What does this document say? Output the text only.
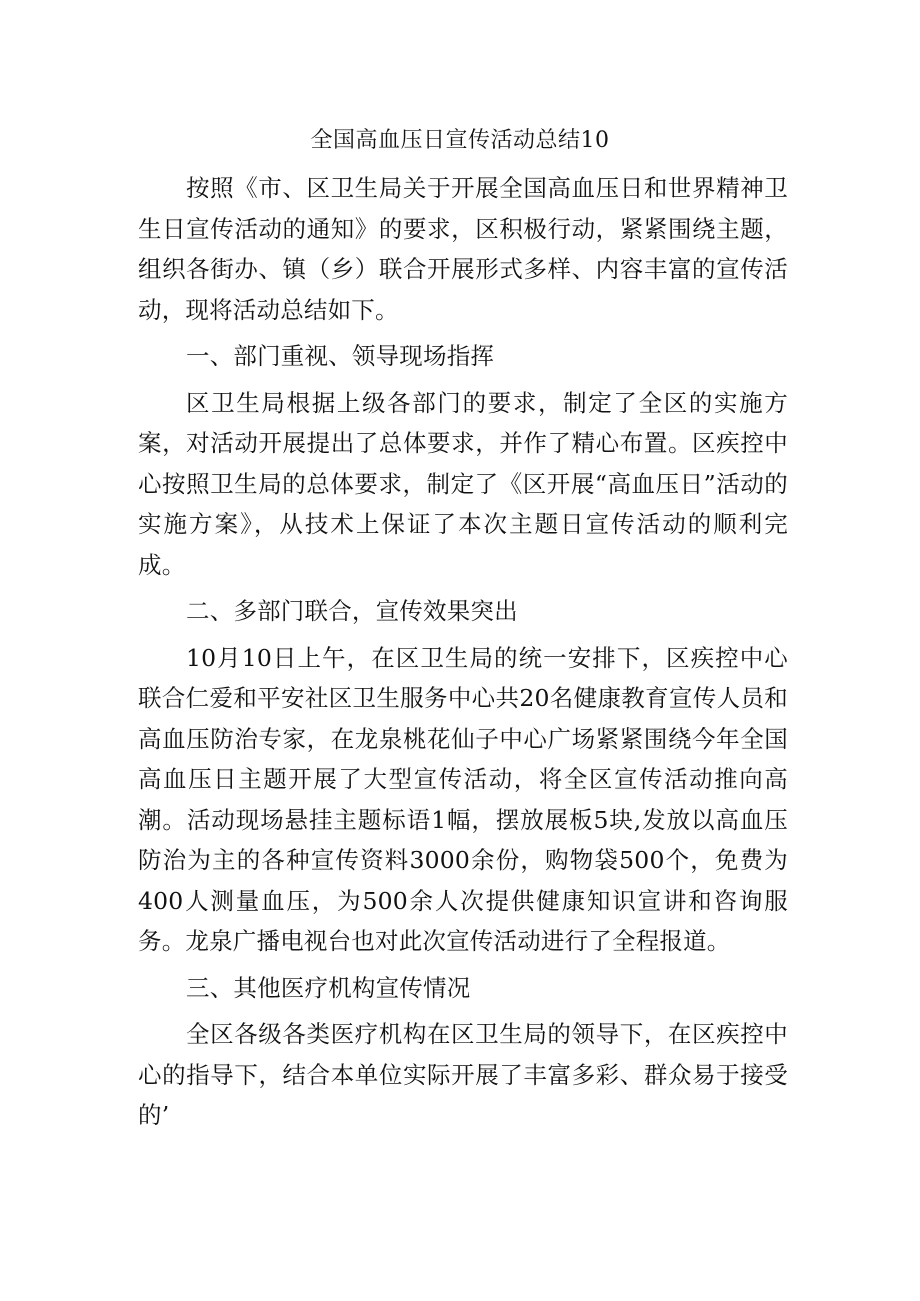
全国高血压日宣传活动总结10

按照《市、区卫生局关于开展全国高血压日和世界精神卫生日宣传活动的通知》的要求，区积极行动，紧紧围绕主题，组织各街办、镇（乡）联合开展形式多样、内容丰富的宣传活动，现将活动总结如下。

一、部门重视、领导现场指挥

区卫生局根据上级各部门的要求，制定了全区的实施方案，对活动开展提出了总体要求，并作了精心布置。区疾控中心按照卫生局的总体要求，制定了《区开展“高血压日”活动的实施方案》，从技术上保证了本次主题日宣传活动的顺利完成。

二、多部门联合，宣传效果突出

10月10日上午，在区卫生局的统一安排下，区疾控中心联合仁爱和平安社区卫生服务中心共20名健康教育宣传人员和高血压防治专家，在龙泉桃花仙子中心广场紧紧围绕今年全国高血压日主题开展了大型宣传活动，将全区宣传活动推向高潮。活动现场悬挂主题标语1幅，摆放展板5块,发放以高血压防治为主的各种宣传资料3000余份，购物袋500个，免费为400人测量血压，为500余人次提供健康知识宣讲和咨询服务。龙泉广播电视台也对此次宣传活动进行了全程报道。

三、其他医疗机构宣传情况

全区各级各类医疗机构在区卫生局的领导下，在区疾控中心的指导下，结合本单位实际开展了丰富多彩、群众易于接受的’
